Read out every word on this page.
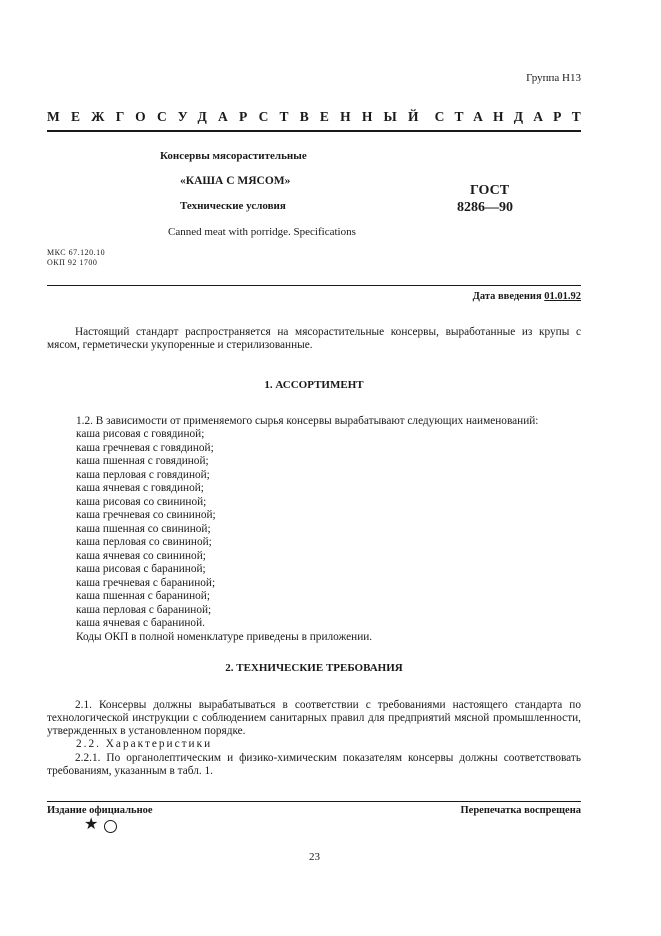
Группа Н13
МЕЖГОСУДАРСТВЕННЫЙ СТАНДАРТ
Консервы мясорастительные
«КАША С МЯСОМ»
Технические условия
Canned meat with porridge. Specifications
ГОСТ
8286—90
МКС 67.120.10
ОКП 92 1700
Дата введения 01.01.92
Настоящий стандарт распространяется на мясорастительные консервы, выработанные из крупы с мясом, герметически укупоренные и стерилизованные.
1. АССОРТИМЕНТ
1.2. В зависимости от применяемого сырья консервы вырабатывают следующих наименований:
каша рисовая с говядиной;
каша гречневая с говядиной;
каша пшенная с говядиной;
каша перловая с говядиной;
каша ячневая с говядиной;
каша рисовая со свининой;
каша гречневая со свининой;
каша пшенная со свининой;
каша перловая со свининой;
каша ячневая со свининой;
каша рисовая с бараниной;
каша гречневая с бараниной;
каша пшенная с бараниной;
каша перловая с бараниной;
каша ячневая с бараниной.
Коды ОКП в полной номенклатуре приведены в приложении.
2. ТЕХНИЧЕСКИЕ ТРЕБОВАНИЯ
2.1. Консервы должны вырабатываться в соответствии с требованиями настоящего стандарта по технологической инструкции с соблюдением санитарных правил для предприятий мясной промышленности, утвержденных в установленном порядке.
2.2. Характеристики
2.2.1. По органолептическим и физико-химическим показателям консервы должны соответствовать требованиям, указанным в табл. 1.
Издание официальное	Перепечатка воспрещена
★
23
